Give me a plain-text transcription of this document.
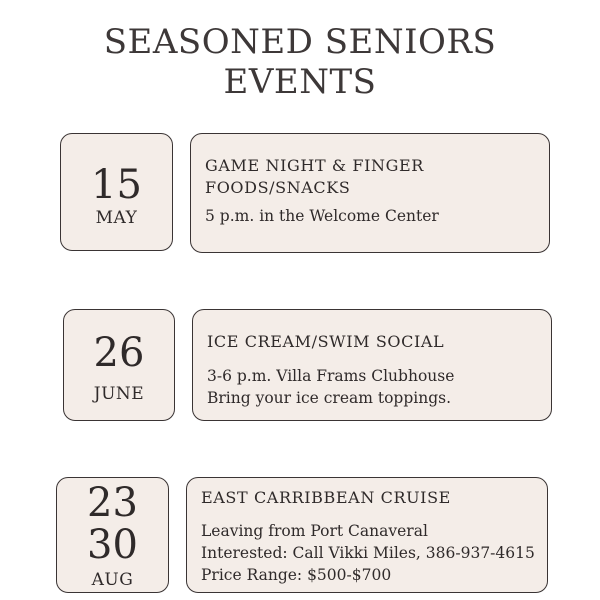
SEASONED SENIORS
EVENTS
15
MAY
GAME NIGHT & FINGER
FOODS/SNACKS
5 p.m. in the Welcome Center
26
JUNE
ICE CREAM/SWIM SOCIAL
3-6 p.m. Villa Frams Clubhouse
Bring your ice cream toppings.
23
30
AUG
EAST CARRIBBEAN CRUISE
Leaving from Port Canaveral
Interested: Call Vikki Miles, 386-937-4615
Price Range: $500-$700
